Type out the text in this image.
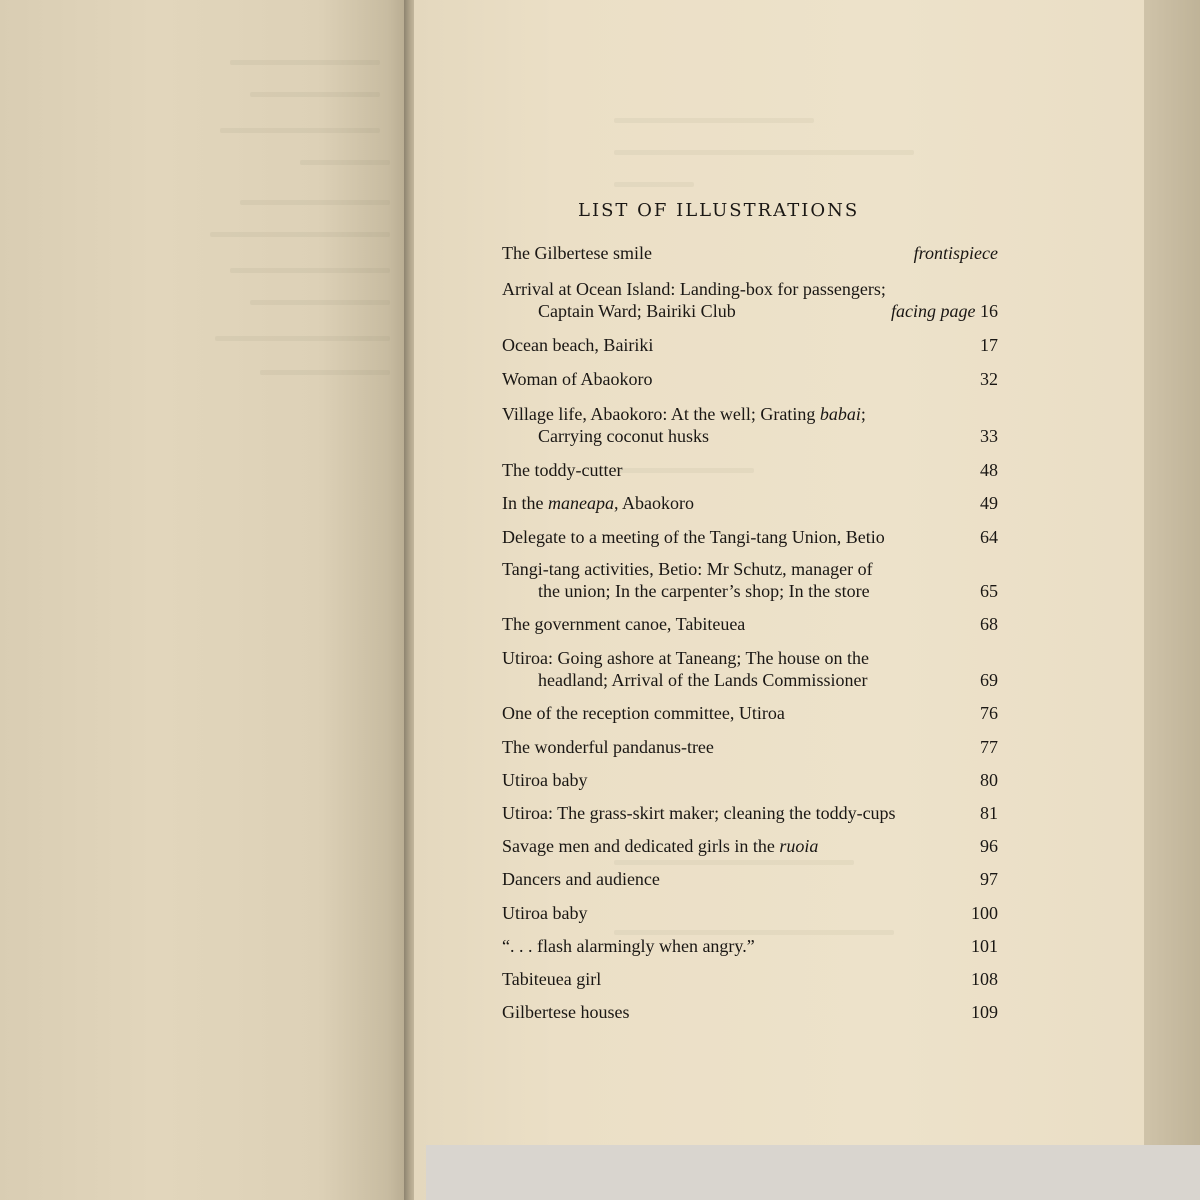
LIST OF ILLUSTRATIONS
The Gilbertese smile	frontispiece
Arrival at Ocean Island: Landing-box for passengers;
Captain Ward; Bairiki Club	facing page 16
Ocean beach, Bairiki	17
Woman of Abaokoro	32
Village life, Abaokoro: At the well; Grating babai;
Carrying coconut husks	33
The toddy-cutter	48
In the maneapa, Abaokoro	49
Delegate to a meeting of the Tangi-tang Union, Betio	64
Tangi-tang activities, Betio: Mr Schutz, manager of
the union; In the carpenter’s shop; In the store	65
The government canoe, Tabiteuea	68
Utiroa: Going ashore at Taneang; The house on the
headland; Arrival of the Lands Commissioner	69
One of the reception committee, Utiroa	76
The wonderful pandanus-tree	77
Utiroa baby	80
Utiroa: The grass-skirt maker; cleaning the toddy-cups	81
Savage men and dedicated girls in the ruoia	96
Dancers and audience	97
Utiroa baby	100
“. . . flash alarmingly when angry.”	101
Tabiteuea girl	108
Gilbertese houses	109
